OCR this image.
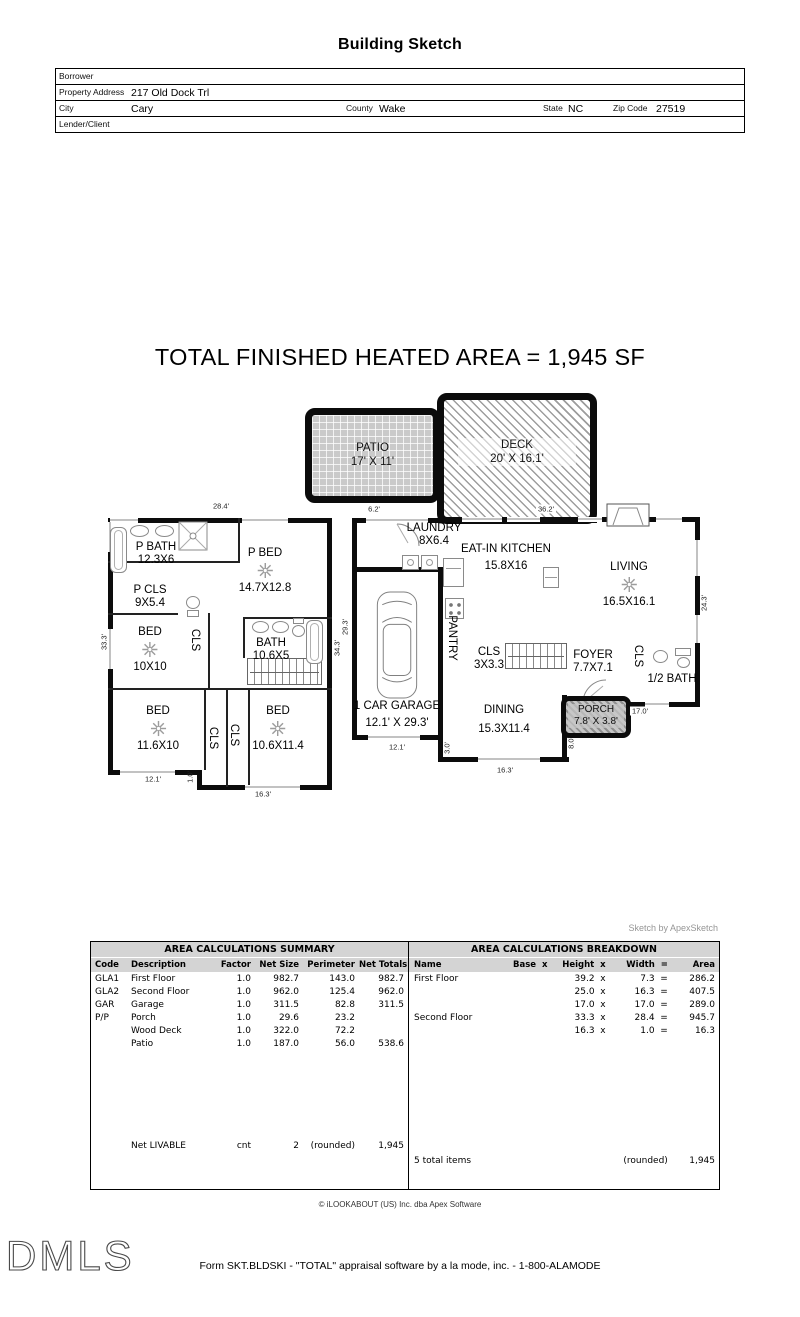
Building Sketch
Borrower
Property Address 217 Old Dock Trl
City	Cary	County Wake	State NC	Zip Code 27519
Lender/Client
TOTAL FINISHED HEATED AREA = 1,945 SF
PATIO
17' X 11'
DECK
20' X 16.1'
P BATH
12.3X6
P BED
14.7X12.8
P CLS
9X5.4
BED
10X10
CLS	BATH
10.6X5
BED
11.6X10 CLS CLS
BED
10.6X11.4
28.4'
33.3'	34.3'
12.1'	1.0'
16.3'
LAUNDRY
8X6.4
EAT-IN KITCHEN
15.8X16	LIVING
16.5X16.1
PANTRY	CLS
3X3.3
FOYER
7.7X7.1
CLS
1/2 BATH
DINING
15.3X11.4
1 CAR GARAGE
12.1' X 29.3'
PORCH
7.8' X 3.8'
6.2'	36.2'
29.3'
24.3'
12.1'	3.0'
16.3'
8.0'
17.0'
Sketch by ApexSketch
AREA CALCULATIONS SUMMARY
Code	Description	Factor	Net Size	Perimeter	Net Totals
GLA1	First Floor	1.0	982.7	143.0	982.7
GLA2	Second Floor	1.0	962.0	125.4	962.0
GAR	Garage	1.0	311.5	82.8	311.5
P/P	Porch	1.0	29.6	23.2	
	Wood Deck	1.0	322.0	72.2	
	Patio	1.0	187.0	56.0	538.6
	Net LIVABLE	cnt	2	(rounded)	1,945
AREA CALCULATIONS BREAKDOWN
Name	Base  x	Height  x	Width  =	Area
First Floor		39.2  x	7.3  =	286.2
		25.0  x	16.3  =	407.5
		17.0  x	17.0  =	289.0
Second Floor		33.3  x	28.4  =	945.7
		16.3  x	1.0  =	16.3
5 total items			(rounded)	1,945
© iLOOKABOUT (US) Inc. dba Apex Software
DMLS	Form SKT.BLDSKI - "TOTAL" appraisal software by a la mode, inc. - 1-800-ALAMODE
